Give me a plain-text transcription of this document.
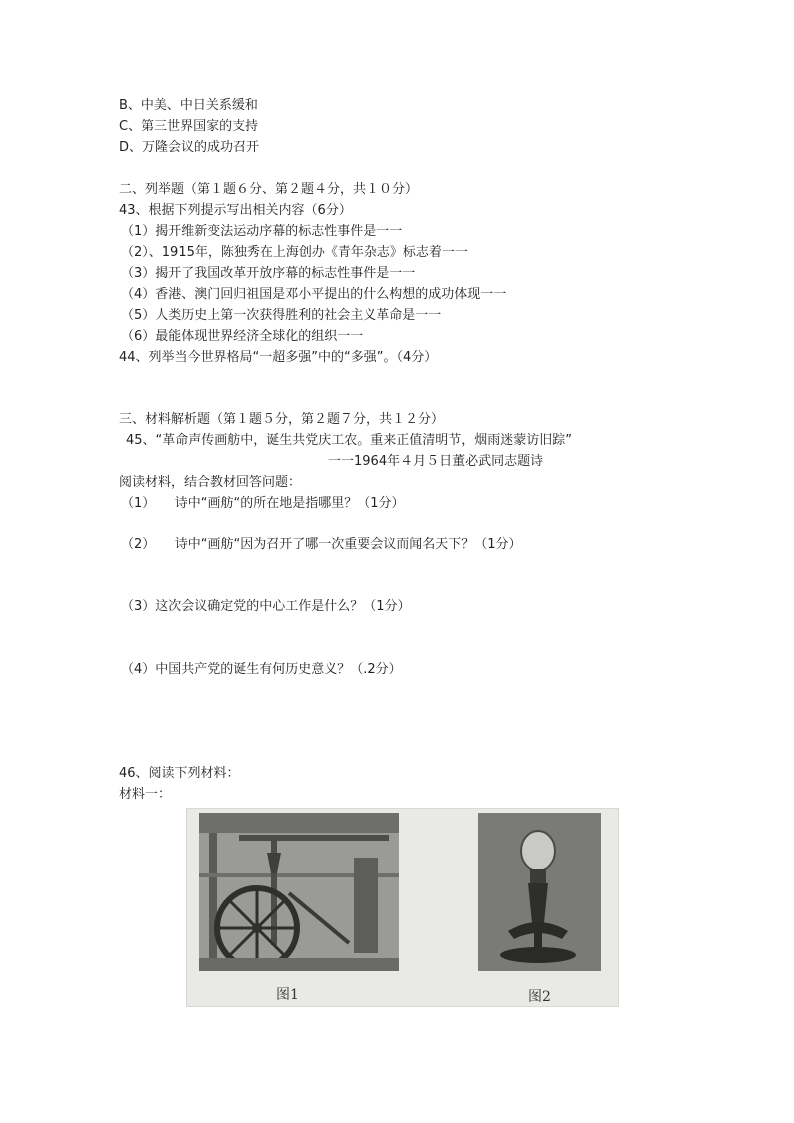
B、中美、中日关系缓和
C、第三世界国家的支持
D、万隆会议的成功召开
二、列举题（第１题６分、第２题４分，共１０分）
43、根据下列提示写出相关内容（6分）
（1）揭开维新变法运动序幕的标志性事件是一一
（2）、1915年，陈独秀在上海创办《青年杂志》标志着一一
（3）揭开了我国改革开放序幕的标志性事件是一一
（4）香港、澳门回归祖国是邓小平提出的什么构想的成功体现一一
（5）人类历史上第一次获得胜利的社会主义革命是一一
（6）最能体现世界经济全球化的组织一一
44、列举当今世界格局“一超多强”中的“多强”。（4分）
三、材料解析题（第１题５分，第２题７分，共１２分）
45、“革命声传画舫中，诞生共党庆工农。重来正值清明节，烟雨迷蒙访旧踪”
一一1964年４月５日董必武同志题诗
阅读材料，结合教材回答问题：
（1）　　诗中“画舫“的所在地是指哪里？（1分）
（2）　　诗中“画舫“因为召开了哪一次重要会议而闻名天下？（1分）
（3）这次会议确定党的中心工作是什么？（1分）
（4）中国共产党的诞生有何历史意义？（.2分）
46、阅读下列材料：
材料一：
图1	图2
